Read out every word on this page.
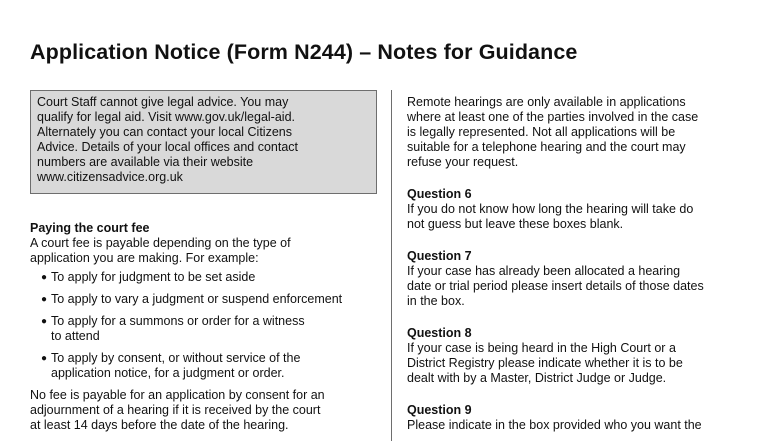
Application Notice (Form N244) – Notes for Guidance
Court Staff cannot give legal advice. You may
qualify for legal aid. Visit www.gov.uk/legal-aid.
Alternately you can contact your local Citizens
Advice. Details of your local offices and contact
numbers are available via their website
www.citizensadvice.org.uk
Paying the court fee
A court fee is payable depending on the type of
application you are making. For example:
● To apply for judgment to be set aside
● To apply to vary a judgment or suspend enforcement
● To apply for a summons or order for a witness
to attend
● To apply by consent, or without service of the
application notice, for a judgment or order.
No fee is payable for an application by consent for an
adjournment of a hearing if it is received by the court
at least 14 days before the date of the hearing.
Remote hearings are only available in applications
where at least one of the parties involved in the case
is legally represented. Not all applications will be
suitable for a telephone hearing and the court may
refuse your request.
Question 6
If you do not know how long the hearing will take do
not guess but leave these boxes blank.
Question 7
If your case has already been allocated a hearing
date or trial period please insert details of those dates
in the box.
Question 8
If your case is being heard in the High Court or a
District Registry please indicate whether it is to be
dealt with by a Master, District Judge or Judge.
Question 9
Please indicate in the box provided who you want the
